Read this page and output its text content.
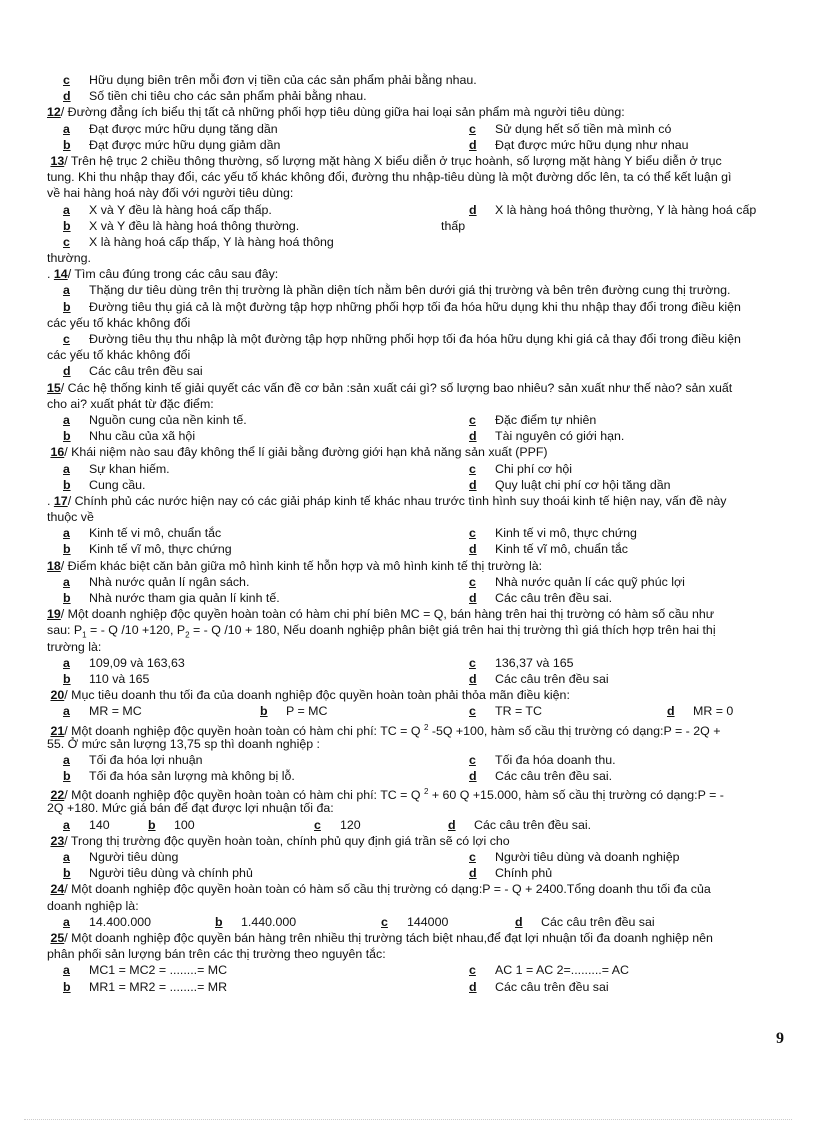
c Hữu dụng biên trên mỗi đơn vị tiền của các sản phẩm phải bằng nhau.
d Số tiền chi tiêu cho các sản phẩm phải bằng nhau.
12/ Đường đẳng ích biểu thị tất cả những phối hợp tiêu dùng giữa hai loại sản phẩm mà người tiêu dùng:
a Đạt được mức hữu dụng tăng dần	c Sử dụng hết số tiền mà mình có
b Đạt được mức hữu dụng giảm dần	d Đạt được mức hữu dụng như nhau
13/ Trên hệ trục 2 chiều thông thường, số lượng mặt hàng X biểu diễn ở trục hoành, số lượng mặt hàng Y biểu diễn ở trục
tung. Khi thu nhập thay đổi, các yếu tố khác không đổi, đường thu nhập-tiêu dùng là một đường dốc lên, ta có thể kết luận gì
về hai hàng hoá này đối với người tiêu dùng:
a X và Y đều là hàng hoá cấp thấp.	d X là hàng hoá thông thường, Y là hàng hoá cấp
b X và Y đều là hàng hoá thông thường.	thấp
c X là hàng hoá cấp thấp, Y là hàng hoá thông
thường.
. 14/ Tìm câu đúng trong các câu sau đây:
a Thặng dư tiêu dùng trên thị trường là phần diện tích nằm bên dưới giá thị trường và bên trên đường cung thị trường.
b Đường tiêu thụ giá cả là một đường tập hợp những phối hợp tối đa hóa hữu dụng khi thu nhập thay đổi trong điều kiện
các yếu tố khác không đổi
c Đường tiêu thụ thu nhập là một đường tập hợp những phối hợp tối đa hóa hữu dụng khi giá cả thay đổi trong điều kiện
các yếu tố khác không đổi
d Các câu trên đều sai
15/ Các hệ thống kinh tế giải quyết các vấn đề cơ bản :sản xuất cái gì? số lượng bao nhiêu? sản xuất như thế nào? sản xuất
cho ai? xuất phát từ đặc điểm:
a Nguồn cung của nền kinh tế.	c Đặc điểm tự nhiên
b Nhu cầu của xã hội	d Tài nguyên có giới hạn.
16/ Khái niệm nào sau đây không thể lí giải bằng đường giới hạn khả năng sản xuất (PPF)
a Sự khan hiếm.	c Chi phí cơ hội
b Cung cầu.	d Quy luật chi phí cơ hội tăng dần
. 17/ Chính phủ các nước hiện nay có các giải pháp kinh tế khác nhau trước tình hình suy thoái kinh tế hiện nay, vấn đề này
thuộc về
a Kinh tế vi mô, chuẩn tắc	c Kinh tế vi mô, thực chứng
b Kinh tế vĩ mô, thực chứng	d Kinh tế vĩ mô, chuẩn tắc
18/ Điểm khác biệt căn bản giữa mô hình kinh tế hỗn hợp và mô hình kinh tế thị trường là:
a Nhà nước quản lí ngân sách.	c Nhà nước quản lí các quỹ phúc lợi
b Nhà nước tham gia quản lí kinh tế.	d Các câu trên đều sai.
19/ Một doanh nghiệp độc quyền hoàn toàn có hàm chi phí biên MC = Q, bán hàng trên hai thị trường có hàm số cầu như
sau: $P_1$ = - Q /10 +120, $P_2$ = - Q /10 + 180, Nếu doanh nghiệp phân biệt giá trên hai thị trường thì giá thích hợp trên hai thị
trường là:
a 109,09 và 163,63	c 136,37 và 165
b 110 và 165	d Các câu trên đều sai
20/ Mục tiêu doanh thu tối đa của doanh nghiệp độc quyền hoàn toàn phải thỏa mãn điều kiện:
a MR = MC	b P = MC	c TR = TC	d MR = 0
21/ Một doanh nghiệp độc quyền hoàn toàn có hàm chi phí: TC = Q $^2$ -5Q +100, hàm số cầu thị trường có dạng:P = - 2Q +
55. Ở mức sản lượng 13,75 sp thì doanh nghiệp :
a Tối đa hóa lợi nhuận	c Tối đa hóa doanh thu.
b Tối đa hóa sản lượng mà không bị lỗ.	d Các câu trên đều sai.
22/ Một doanh nghiệp độc quyền hoàn toàn có hàm chi phí: TC = Q $^2$ + 60 Q +15.000, hàm số cầu thị trường có dạng:P = -
2Q +180. Mức giá bán để đạt được lợi nhuận tối đa:
a 140	b 100	c 120	d Các câu trên đều sai.
23/ Trong thị trường độc quyền hoàn toàn, chính phủ quy định giá trần sẽ có lợi cho
a Người tiêu dùng	c Người tiêu dùng và doanh nghiệp
b Người tiêu dùng và chính phủ	d Chính phủ
24/ Một doanh nghiệp độc quyền hoàn toàn có hàm số cầu thị trường có dạng:P = - Q + 2400.Tổng doanh thu tối đa của
doanh nghiệp là:
a 14.400.000	b 1.440.000	c 144000	d Các câu trên đều sai
25/ Một doanh nghiệp độc quyền bán hàng trên nhiều thị trường tách biệt nhau,để đạt lợi nhuận tối đa doanh nghiệp nên
phân phối sản lượng bán trên các thị trường theo nguyên tắc:
a MC1 = MC2 = ........= MC	c AC 1 = AC 2=.........= AC
b MR1 = MR2 = ........= MR	d Các câu trên đều sai
9
